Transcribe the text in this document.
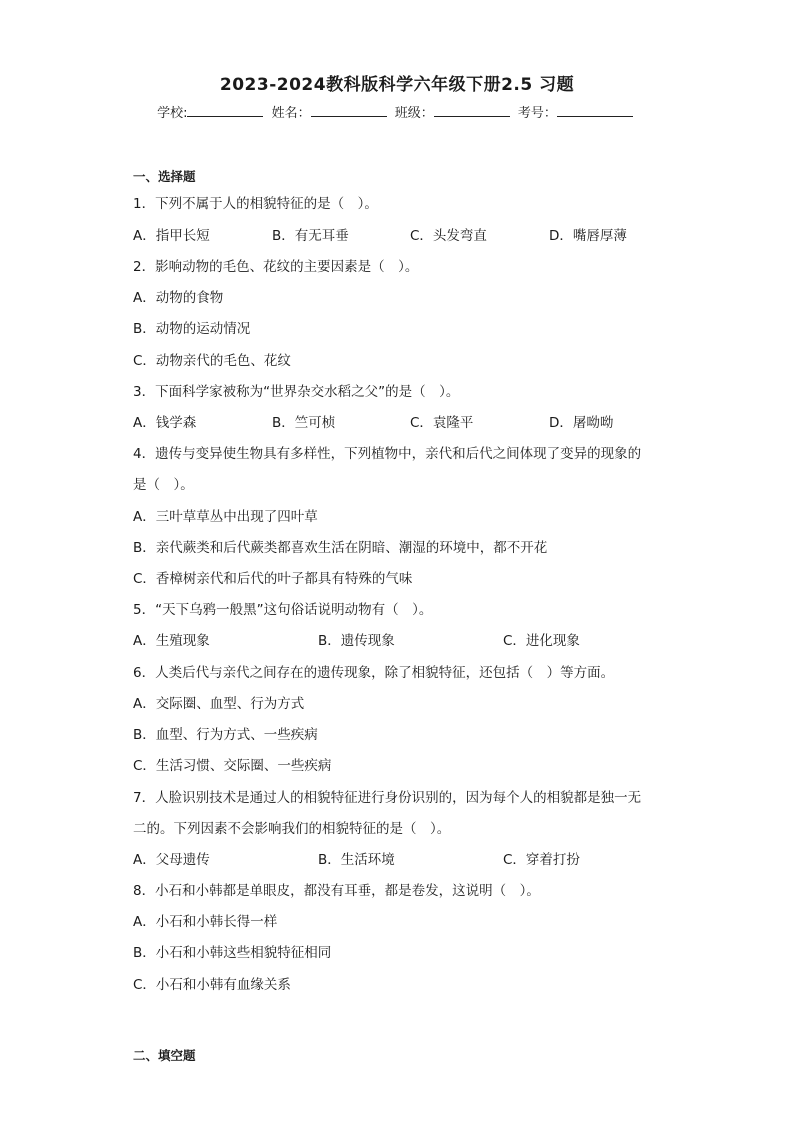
2023-2024教科版科学六年级下册2.5 习题
学校:	姓名：	班级：	考号：
一、选择题
1．下列不属于人的相貌特征的是（　）。
A．指甲长短	B．有无耳垂	C．头发弯直	D．嘴唇厚薄
2．影响动物的毛色、花纹的主要因素是（　）。
A．动物的食物
B．动物的运动情况
C．动物亲代的毛色、花纹
3．下面科学家被称为“世界杂交水稻之父”的是（　）。
A．钱学森	B．竺可桢	C．袁隆平	D．屠呦呦
4．遗传与变异使生物具有多样性，下列植物中，亲代和后代之间体现了变异的现象的
是（　）。
A．三叶草草丛中出现了四叶草
B．亲代蕨类和后代蕨类都喜欢生活在阴暗、潮湿的环境中，都不开花
C．香樟树亲代和后代的叶子都具有特殊的气味
5．“天下乌鸦一般黑”这句俗话说明动物有（　）。
A．生殖现象	B．遗传现象	C．进化现象
6．人类后代与亲代之间存在的遗传现象，除了相貌特征，还包括（　）等方面。
A．交际圈、血型、行为方式
B．血型、行为方式、一些疾病
C．生活习惯、交际圈、一些疾病
7．人脸识别技术是通过人的相貌特征进行身份识别的，因为每个人的相貌都是独一无
二的。下列因素不会影响我们的相貌特征的是（　）。
A．父母遗传	B．生活环境	C．穿着打扮
8．小石和小韩都是单眼皮，都没有耳垂，都是卷发，这说明（　）。
A．小石和小韩长得一样
B．小石和小韩这些相貌特征相同
C．小石和小韩有血缘关系
二、填空题
